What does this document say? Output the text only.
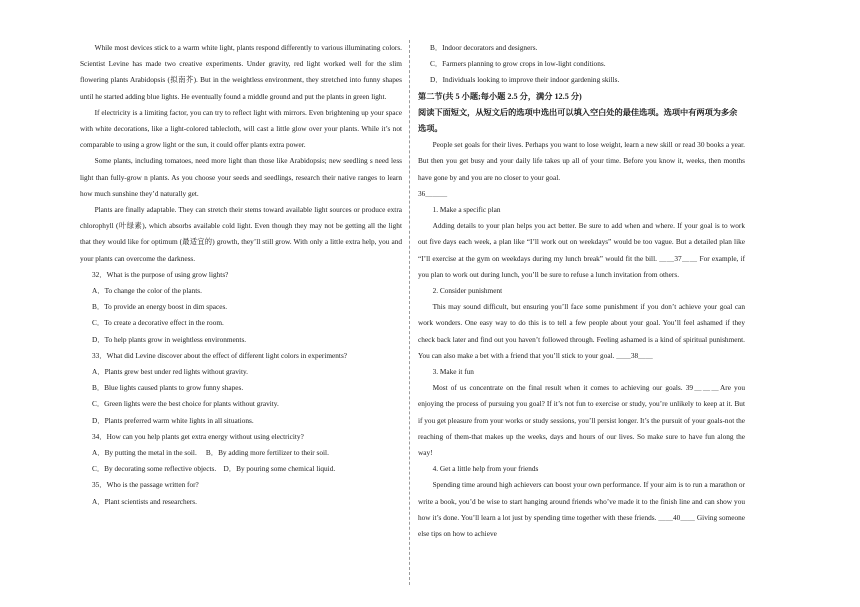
While most devices stick to a warm white light, plants respond differently to various illuminating colors. Scientist Levine has made two creative experiments. Under gravity, red light worked well for the slim flowering plants Arabidopsis (拟南芥). But in the weightless environment, they stretched into funny shapes until he started adding blue lights. He eventually found a middle ground and put the plants in green light.

If electricity is a limiting factor, you can try to reflect light with mirrors. Even brightening up your space with white decorations, like a light-colored tablecloth, will cast a little glow over your plants. While it’s not comparable to using a grow light or the sun, it could offer plants extra power.

Some plants, including tomatoes, need more light than those like Arabidopsis; new seedling s need less light than fully-grow n plants. As you choose your seeds and seedlings, research their native ranges to learn how much sunshine they’d naturally get.

Plants are finally adaptable. They can stretch their stems toward available light sources or produce extra chlorophyll (叶绿素), which absorbs available cold light. Even though they may not be getting all the light that they would like for optimum (最适宜的) growth, they’ll still grow. With only a little extra help, you and your plants can overcome the darkness.

32．What is the purpose of using grow lights?

A．To change the color of the plants.

B．To provide an energy boost in dim spaces.

C．To create a decorative effect in the room.

D．To help plants grow in weightless environments.

33．What did Levine discover about the effect of different light colors in experiments?

A．Plants grew best under red lights without gravity.

B．Blue lights caused plants to grow funny shapes.

C．Green lights were the best choice for plants without gravity.

D．Plants preferred warm white lights in all situations.

34．How can you help plants get extra energy without using electricity?

A．By putting the metal in the soil.　 B．By adding more fertilizer to their soil.

C．By decorating some reflective objects.　D．By pouring some chemical liquid.

35．Who is the passage written for?

A．Plant scientists and researchers.

B．Indoor decorators and designers.

C．Farmers planning to grow crops in low-light conditions.

D．Individuals looking to improve their indoor gardening skills.

第二节(共 5 小题;每小题 2.5 分，满分 12.5 分)

阅读下面短文，从短文后的选项中选出可以填入空白处的最佳选项。选项中有两项为多余选项。

People set goals for their lives. Perhaps you want to lose weight, learn a new skill or read 30 books a year. But then you get busy and your daily life takes up all of your time. Before you know it, weeks, then months have gone by and you are no closer to your goal.

36＿＿＿

1. Make a specific plan

Adding details to your plan helps you act better. Be sure to add when and where. If your goal is to work out five days each week, a plan like “I’ll work out on weekdays” would be too vague. But a detailed plan like “I’ll exercise at the gym on weekdays during my lunch break” would fit the bill. ＿＿37＿＿ For example, if you plan to work out during lunch, you’ll be sure to refuse a lunch invitation from others.

2. Consider punishment

This may sound difficult, but ensuring you’ll face some punishment if you don’t achieve your goal can work wonders. One easy way to do this is to tell a few people about your goal. You’ll feel ashamed if they check back later and find out you haven’t followed through. Feeling ashamed is a kind of spiritual punishment. You can also make a bet with a friend that you’ll stick to your goal. ＿＿38＿＿

3. Make it fun

Most of us concentrate on the final result when it comes to achieving our goals. 39＿＿＿Are you enjoying the process of pursuing you goal? If it’s not fun to exercise or study, you’re unlikely to keep at it. But if you get pleasure from your works or study sessions, you’ll persist longer. It’s the pursuit of your goals-not the reaching of them-that makes up the weeks, days and hours of our lives. So make sure to have fun along the way!

4. Get a little help from your friends

Spending time around high achievers can boost your own performance. If your aim is to run a marathon or write a book, you’d be wise to start hanging around friends who’ve made it to the finish line and can show you how it’s done. You’ll learn a lot just by spending time together with these friends. ＿＿40＿＿ Giving someone else tips on how to achieve
